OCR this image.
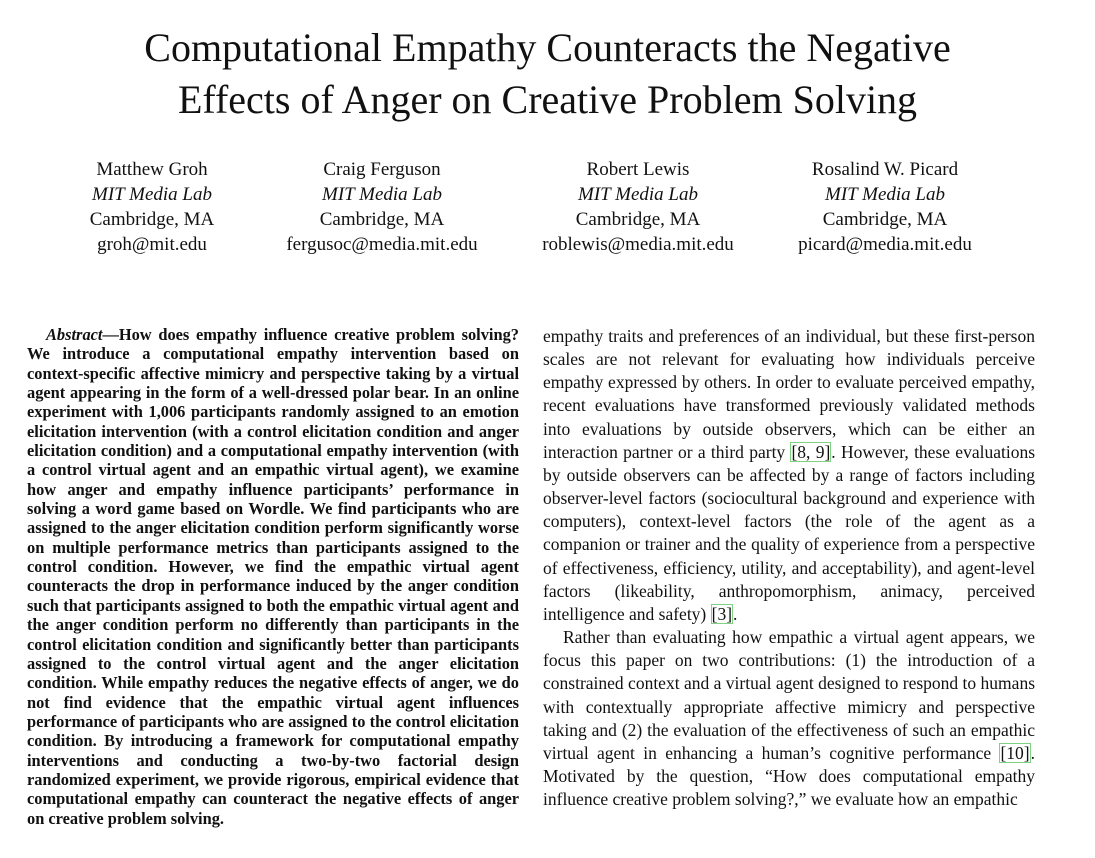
Computational Empathy Counteracts the Negative
Effects of Anger on Creative Problem Solving
Matthew Groh
MIT Media Lab
Cambridge, MA
groh@mit.edu
Craig Ferguson
MIT Media Lab
Cambridge, MA
fergusoc@media.mit.edu
Robert Lewis
MIT Media Lab
Cambridge, MA
roblewis@media.mit.edu
Rosalind W. Picard
MIT Media Lab
Cambridge, MA
picard@media.mit.edu

Abstract—How does empathy influence creative problem solving? We introduce a computational empathy intervention based on context-specific affective mimicry and perspective taking by a virtual agent appearing in the form of a well-dressed polar bear. In an online experiment with 1,006 participants randomly assigned to an emotion elicitation intervention (with a control elicitation condition and anger elicitation condition) and a computational empathy intervention (with a control virtual agent and an empathic virtual agent), we examine how anger and empathy influence participants’ performance in solving a word game based on Wordle. We find participants who are assigned to the anger elicitation condition perform significantly worse on multiple performance metrics than participants assigned to the control condition. However, we find the empathic virtual agent counteracts the drop in performance induced by the anger condition such that participants assigned to both the empathic virtual agent and the anger condition perform no differently than participants in the control elicitation condition and significantly better than participants assigned to the control virtual agent and the anger elicitation condition. While empathy reduces the negative effects of anger, we do not find evidence that the empathic virtual agent influences performance of participants who are assigned to the control elicitation condition. By introducing a framework for computational empathy interventions and conducting a two-by-two factorial design randomized experiment, we provide rigorous, empirical evidence that computational empathy can counteract the negative effects of anger on creative problem solving.

empathy traits and preferences of an individual, but these first-person scales are not relevant for evaluating how individuals perceive empathy expressed by others. In order to evaluate perceived empathy, recent evaluations have transformed previously validated methods into evaluations by outside observers, which can be either an interaction partner or a third party [8, 9]. However, these evaluations by outside observers can be affected by a range of factors including observer-level factors (sociocultural background and experience with computers), context-level factors (the role of the agent as a companion or trainer and the quality of experience from a perspective of effectiveness, efficiency, utility, and acceptability), and agent-level factors (likeability, anthropomorphism, animacy, perceived intelligence and safety) [3].

Rather than evaluating how empathic a virtual agent appears, we focus this paper on two contributions: (1) the introduction of a constrained context and a virtual agent designed to respond to humans with contextually appropriate affective mimicry and perspective taking and (2) the evaluation of the effectiveness of such an empathic virtual agent in enhancing a human’s cognitive performance [10]. Motivated by the question, “How does computational empathy influence creative problem solving?,” we evaluate how an empathic
